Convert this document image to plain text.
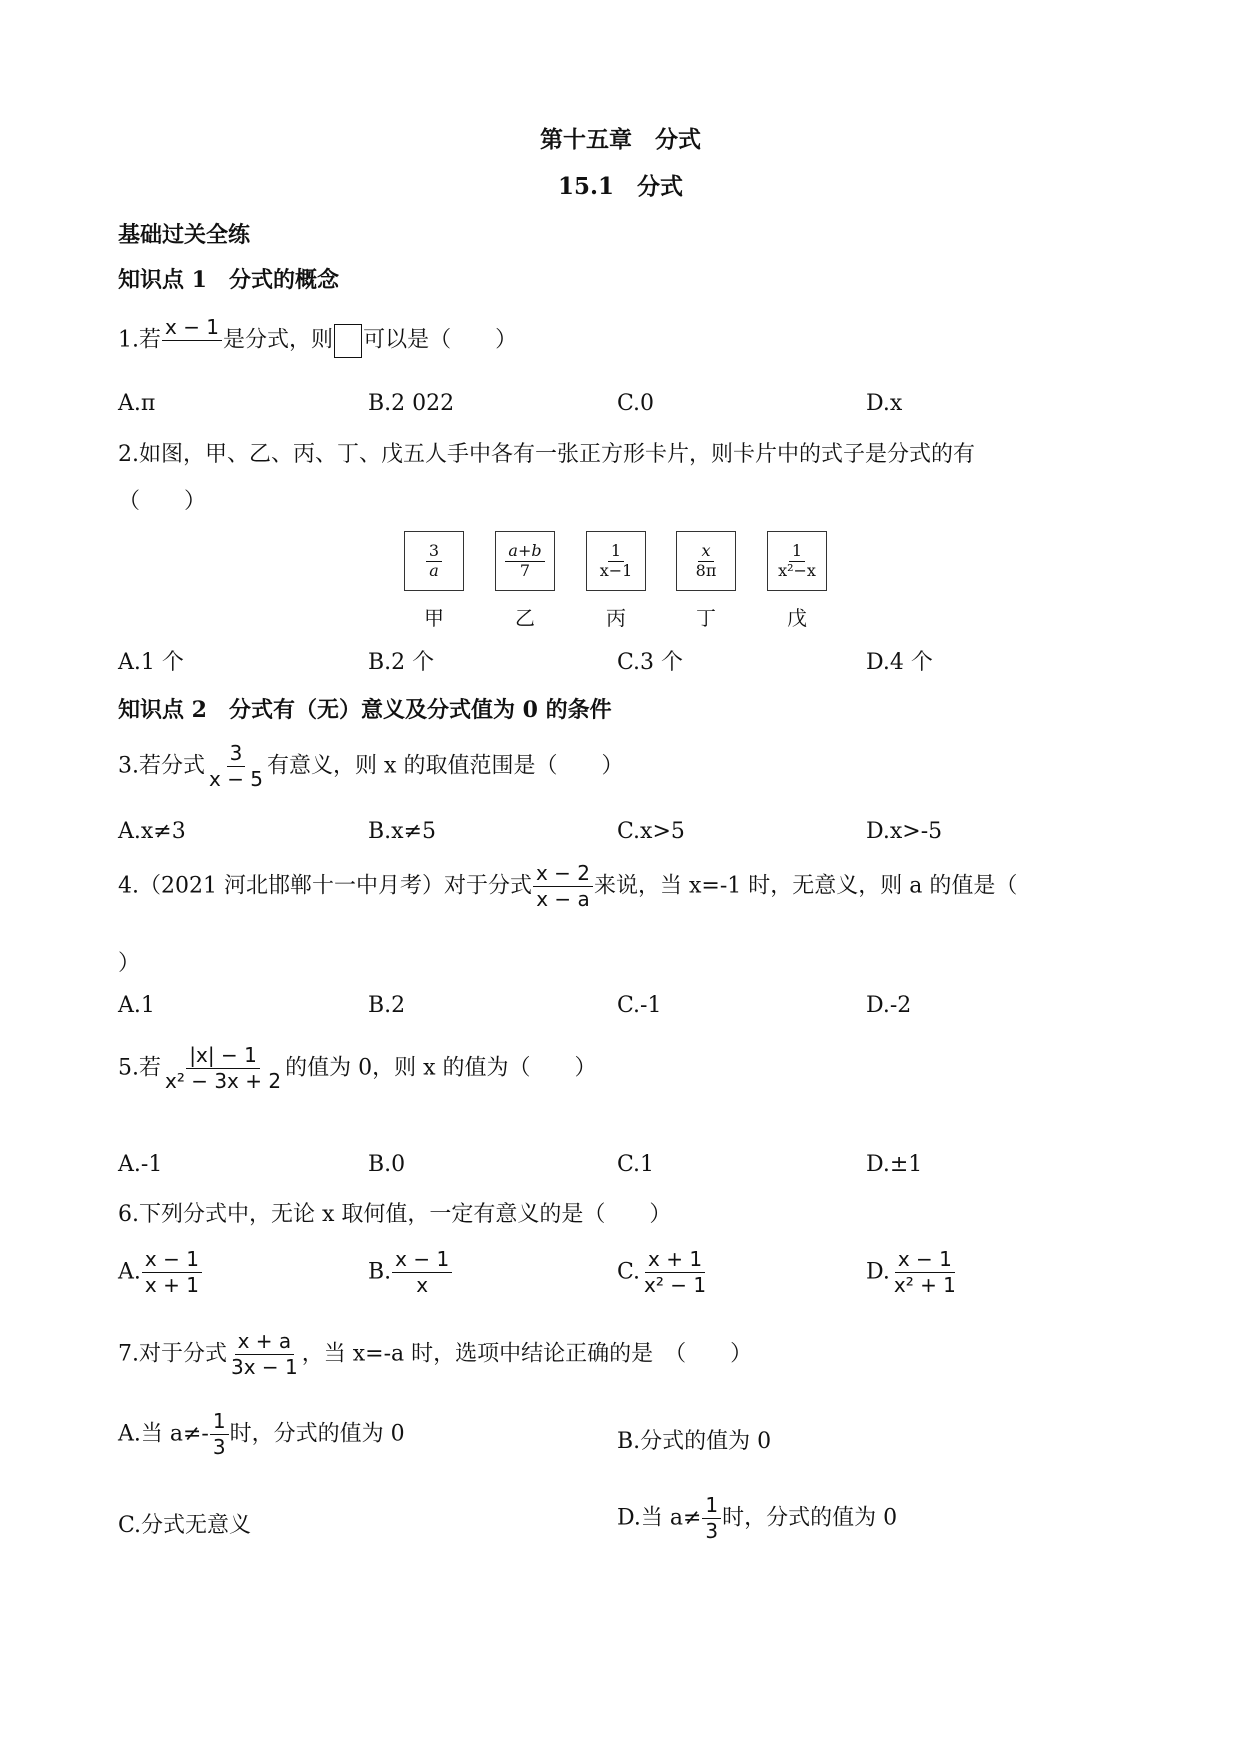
第十五章　分式
15.1　分式
基础过关全练
知识点 1　分式的概念
1.若
x − 1

是分式，则 可以是（　　）
A.π	B.2 022	C.0	D.x
2.如图，甲、乙、丙、丁、戊五人手中各有一张正方形卡片，则卡片中的式子是分式的有
（　　）
$\frac{3}{a}$	$\frac{a+b}{7}$	$\frac{1}{x-1}$	$\frac{x}{8\pi}$	$\frac{1}{\text{x²−x}}$
甲	乙	丙	丁	戊
A.1 个	B.2 个	C.3 个	D.4 个
知识点 2　分式有（无）意义及分式值为 0 的条件
3.若分式 $\frac{3}{x - 5}$ 有意义，则 x 的取值范围是（　　）
A.x≠3	B.x≠5	C.x>5	D.x>-5
4.（2021 河北邯郸十一中月考）对于分式 $\frac{x - 2}{x - a}$ 来说，当 x=-1 时，无意义，则 a 的值是（
）
A.1	B.2	C.-1	D.-2
5.若 $\frac{|x| - 1}{\text{x² − 3x + 2}}$ 的值为 0，则 x 的值为（　　）
A.-1	B.0	C.1	D.±1
6.下列分式中，无论 x 取何值，一定有意义的是（　　）
A. $\frac{x - 1}{x + 1}$	B. $\frac{x - 1}{x}$	C. $\frac{x + 1}{\text{x² − 1}}$	D. $\frac{x - 1}{\text{x² + 1}}$
7.对于分式 $\frac{x + a}{3x - 1}$ ，当 x=-a 时，选项中结论正确的是　（　　）
A.当 $a\ne- \frac{1}{3}$ 时，分式的值为 0	B.分式的值为 0
C.分式无意义	D.当 $a\ne \frac{1}{3}$ 时，分式的值为 0
